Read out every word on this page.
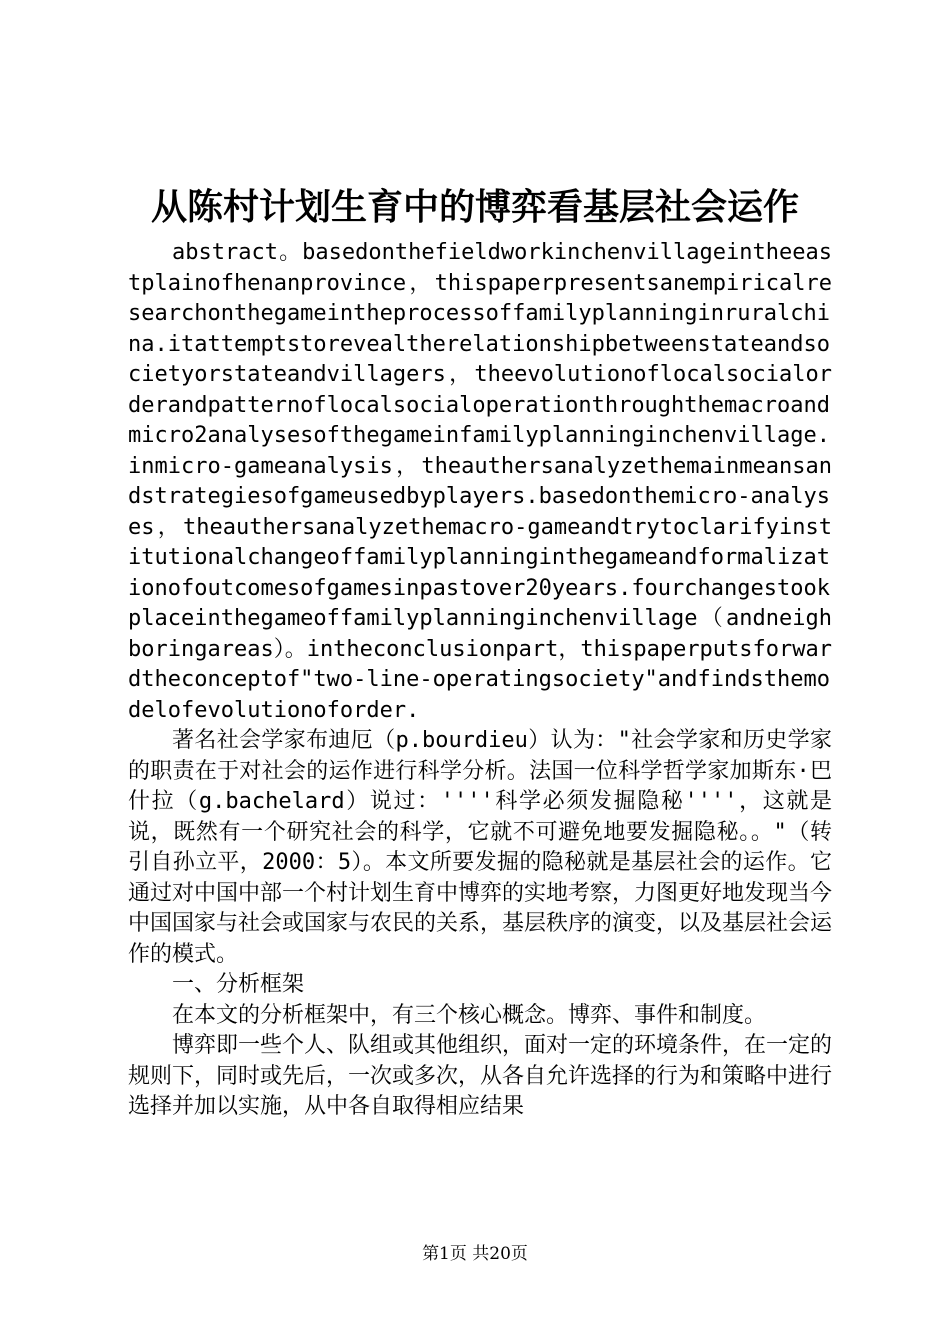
从陈村计划生育中的博弈看基层社会运作

abstract。basedonthefieldworkinchenvillageintheeastplainofhenanprovince，thispaperpresentsanempiricalresearchonthegameintheprocessoffamilyplanninginruralchina.itattemptstorevealtherelationshipbetweenstateandsocietyorstateandvillagers，theevolutionoflocalsocialorderandpatternoflocalsocialoperationthroughthemacroandmicro2analysesofthegameinfamilyplanninginchenvillage.inmicro-gameanalysis，theauthersanalyzethemainmeansandstrategiesofgameusedbyplayers.basedonthemicro-analyses，theauthersanalyzethemacro-gameandtrytoclarifyinstitutionalchangeoffamilyplanninginthegameandformalizationofoutcomesofgamesinpastover20years.fourchangestookplaceinthegameoffamilyplanninginchenvillage（andneighboringareas）。intheconclusionpart，thispaperputsforwardtheconceptof"two-line-operatingsociety"andfindsthemodelofevolutionoforder.

著名社会学家布迪厄（p.bourdieu）认为："社会学家和历史学家的职责在于对社会的运作进行科学分析。法国一位科学哲学家加斯东·巴什拉（g.bachelard）说过：''''科学必须发掘隐秘''''，这就是说，既然有一个研究社会的科学，它就不可避免地要发掘隐秘。。"（转引自孙立平，2000：5）。本文所要发掘的隐秘就是基层社会的运作。它通过对中国中部一个村计划生育中博弈的实地考察，力图更好地发现当今中国国家与社会或国家与农民的关系，基层秩序的演变，以及基层社会运作的模式。

一、分析框架

在本文的分析框架中，有三个核心概念。博弈、事件和制度。

博弈即一些个人、队组或其他组织，面对一定的环境条件，在一定的规则下，同时或先后，一次或多次，从各自允许选择的行为和策略中进行选择并加以实施，从中各自取得相应结果

第1页 共20页
